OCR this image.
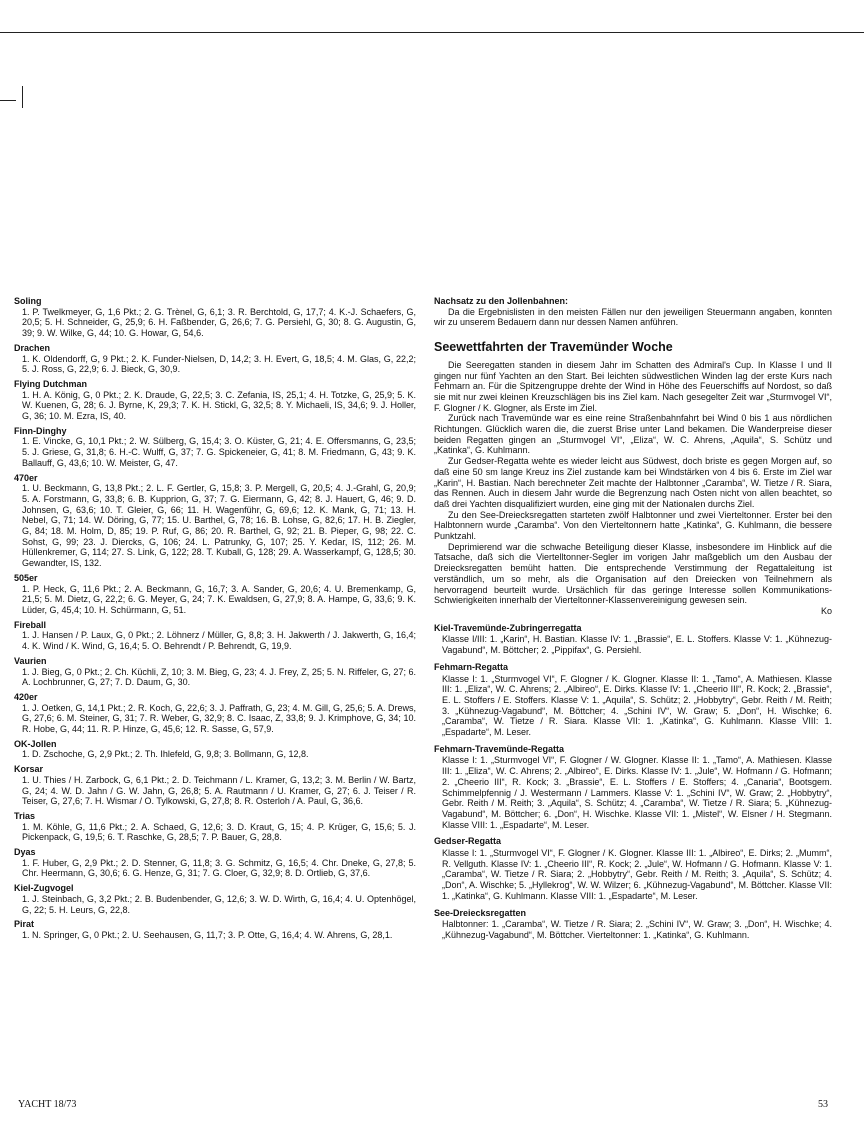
Soling

1. P. Twelkmeyer, G, 1,6 Pkt.; 2. G. Trènel, G, 6,1; 3. R. Berchtold, G, 17,7; 4. K.-J. Schaefers, G, 20,5; 5. H. Schneider, G, 25,9; 6. H. Faßbender, G, 26,6; 7. G. Persiehl, G, 30; 8. G. Augustin, G, 39; 9. W. Wilke, G, 44; 10. G. Howar, G, 54,6.

Drachen

1. K. Oldendorff, G, 9 Pkt.; 2. K. Funder-Nielsen, D, 14,2; 3. H. Evert, G, 18,5; 4. M. Glas, G, 22,2; 5. J. Ross, G, 22,9; 6. J. Bieck, G, 30,9.

Flying Dutchman

1. H. A. König, G, 0 Pkt.; 2. K. Draude, G, 22,5; 3. C. Zefania, IS, 25,1; 4. H. Totzke, G, 25,9; 5. K. W. Kuenen, G, 28; 6. J. Byrne, K, 29,3; 7. K. H. Stickl, G, 32,5; 8. Y. Michaeli, IS, 34,6; 9. J. Holler, G, 36; 10. M. Ezra, IS, 40.

Finn-Dinghy

1. E. Vincke, G, 10,1 Pkt.; 2. W. Sülberg, G, 15,4; 3. O. Küster, G, 21; 4. E. Offersmanns, G, 23,5; 5. J. Griese, G, 31,8; 6. H.-C. Wulff, G, 37; 7. G. Spickeneier, G, 41; 8. M. Friedmann, G, 43; 9. K. Ballauff, G, 43,6; 10. W. Meister, G, 47.

470er

1. U. Beckmann, G, 13,8 Pkt.; 2. L. F. Gertler, G, 15,8; 3. P. Mergell, G, 20,5; 4. J.-Grahl, G, 20,9; 5. A. Forstmann, G, 33,8; 6. B. Kupprion, G, 37; 7. G. Eiermann, G, 42; 8. J. Hauert, G, 46; 9. D. Johnsen, G, 63,6; 10. T. Gleier, G, 66; 11. H. Wagenführ, G, 69,6; 12. K. Mank, G, 71; 13. H. Nebel, G, 71; 14. W. Döring, G, 77; 15. U. Barthel, G, 78; 16. B. Lohse, G, 82,6; 17. H. B. Ziegler, G, 84; 18. M. Holm, D, 85; 19. P. Ruf, G, 86; 20. R. Barthel, G, 92; 21. B. Pieper, G, 98; 22. C. Sohst, G, 99; 23. J. Diercks, G, 106; 24. L. Patrunky, G, 107; 25. Y. Kedar, IS, 112; 26. M. Hüllenkremer, G, 114; 27. S. Link, G, 122; 28. T. Kuball, G, 128; 29. A. Wasserkampf, G, 128,5; 30. Gewandter, IS, 132.

505er

1. P. Heck, G, 11,6 Pkt.; 2. A. Beckmann, G, 16,7; 3. A. Sander, G, 20,6; 4. U. Bremenkamp, G, 21,5; 5. M. Dietz, G, 22,2; 6. G. Meyer, G, 24; 7. K. Ewaldsen, G, 27,9; 8. A. Hampe, G, 33,6; 9. K. Lüder, G, 45,4; 10. H. Schürmann, G, 51.

Fireball

1. J. Hansen / P. Laux, G, 0 Pkt.; 2. Löhnerz / Müller, G, 8,8; 3. H. Jakwerth / J. Jakwerth, G, 16,4; 4. K. Wind / K. Wind, G, 16,4; 5. O. Behrendt / P. Behrendt, G, 19,9.

Vaurien

1. J. Bieg, G, 0 Pkt.; 2. Ch. Küchli, Z, 10; 3. M. Bieg, G, 23; 4. J. Frey, Z, 25; 5. N. Riffeler, G, 27; 6. A. Lochbrunner, G, 27; 7. D. Daum, G, 30.

420er

1. J. Oetken, G, 14,1 Pkt.; 2. R. Koch, G, 22,6; 3. J. Paffrath, G, 23; 4. M. Gill, G, 25,6; 5. A. Drews, G, 27,6; 6. M. Steiner, G, 31; 7. R. Weber, G, 32,9; 8. C. Isaac, Z, 33,8; 9. J. Krimphove, G, 34; 10. R. Hobe, G, 44; 11. R. P. Hinze, G, 45,6; 12. R. Sasse, G, 57,9.

OK-Jollen

1. D. Zschoche, G, 2,9 Pkt.; 2. Th. Ihlefeld, G, 9,8; 3. Bollmann, G, 12,8.

Korsar

1. U. Thies / H. Zarbock, G, 6,1 Pkt.; 2. D. Teichmann / L. Kramer, G, 13,2; 3. M. Berlin / W. Bartz, G, 24; 4. W. D. Jahn / G. W. Jahn, G, 26,8; 5. A. Rautmann / U. Kramer, G, 27; 6. J. Teiser / R. Teiser, G, 27,6; 7. H. Wismar / O. Tylkowski, G, 27,8; 8. R. Osterloh / A. Paul, G, 36,6.

Trias

1. M. Köhle, G, 11,6 Pkt.; 2. A. Schaed, G, 12,6; 3. D. Kraut, G, 15; 4. P. Krüger, G, 15,6; 5. J. Pickenpack, G, 19,5; 6. T. Raschke, G, 28,5; 7. P. Bauer, G, 28,8.

Dyas

1. F. Huber, G, 2,9 Pkt.; 2. D. Stenner, G, 11,8; 3. G. Schmitz, G, 16,5; 4. Chr. Dneke, G, 27,8; 5. Chr. Heermann, G, 30,6; 6. G. Henze, G, 31; 7. G. Cloer, G, 32,9; 8. D. Ortlieb, G, 37,6.

Kiel-Zugvogel

1. J. Steinbach, G, 3,2 Pkt.; 2. B. Budenbender, G, 12,6; 3. W. D. Wirth, G, 16,4; 4. U. Optenhögel, G, 22; 5. H. Leurs, G, 22,8.

Pirat

1. N. Springer, G, 0 Pkt.; 2. U. Seehausen, G, 11,7; 3. P. Otte, G, 16,4; 4. W. Ahrens, G, 28,1.

Nachsatz zu den Jollenbahnen:

Da die Ergebnislisten in den meisten Fällen nur den jeweiligen Steuermann angaben, konnten wir zu unserem Bedauern dann nur dessen Namen anführen.

Seewettfahrten der Travemünder Woche

Die Seeregatten standen in diesem Jahr im Schatten des Admiral's Cup. In Klasse I und II gingen nur fünf Yachten an den Start. Bei leichten südwestlichen Winden lag der erste Kurs nach Fehmarn an. Für die Spitzengruppe drehte der Wind in Höhe des Feuerschiffs auf Nordost, so daß sie mit nur zwei kleinen Kreuzschlägen bis ins Ziel kam. Nach gesegelter Zeit war „Sturmvogel VI“, F. Glogner / K. Glogner, als Erste im Ziel.

Zurück nach Travemünde war es eine reine Straßenbahnfahrt bei Wind 0 bis 1 aus nördlichen Richtungen. Glücklich waren die, die zuerst Brise unter Land bekamen. Die Wanderpreise dieser beiden Regatten gingen an „Sturmvogel VI“, „Eliza“, W. C. Ahrens, „Aquila“, S. Schütz und „Katinka“, G. Kuhlmann.

Zur Gedser-Regatta wehte es wieder leicht aus Südwest, doch briste es gegen Morgen auf, so daß eine 50 sm lange Kreuz ins Ziel zustande kam bei Windstärken von 4 bis 6. Erste im Ziel war „Karin“, H. Bastian. Nach berechneter Zeit machte der Halbtonner „Caramba“, W. Tietze / R. Siara, das Rennen. Auch in diesem Jahr wurde die Begrenzung nach Osten nicht von allen beachtet, so daß drei Yachten disqualifiziert wurden, eine ging mit der Nationalen durchs Ziel.

Zu den See-Dreiecksregatten starteten zwölf Halbtonner und zwei Vierteltonner. Erster bei den Halbtonnern wurde „Caramba“. Von den Vierteltonnern hatte „Katinka“, G. Kuhlmann, die bessere Punktzahl.

Deprimierend war die schwache Beteiligung dieser Klasse, insbesondere im Hinblick auf die Tatsache, daß sich die Viertelltonner-Segler im vorigen Jahr maßgeblich um den Ausbau der Dreiecksregatten bemüht hatten. Die entsprechende Verstimmung der Regattaleitung ist verständlich, um so mehr, als die Organisation auf den Dreiecken von Teilnehmern als hervorragend beurteilt wurde. Ursächlich für das geringe Interesse sollen Kommunikations-Schwierigkeiten innerhalb der Vierteltonner-Klassenvereinigung gewesen sein.

Ko

Kiel-Travemünde-Zubringerregatta

Klasse I/III: 1. „Karin“, H. Bastian. Klasse IV: 1. „Brassie“, E. L. Stoffers. Klasse V: 1. „Kühnezug-Vagabund“, M. Böttcher; 2. „Pippifax“, G. Persiehl.

Fehmarn-Regatta

Klasse I: 1. „Sturmvogel VI“, F. Glogner / K. Glogner. Klasse II: 1. „Tamo“, A. Mathiesen. Klasse III: 1. „Eliza“, W. C. Ahrens; 2. „Albireo“, E. Dirks. Klasse IV: 1. „Cheerio III“, R. Kock; 2. „Brassie“, E. L. Stoffers / E. Stoffers. Klasse V: 1. „Aquila“, S. Schütz; 2. „Hobbytry“, Gebr. Reith / M. Reith; 3. „Kühnezug-Vagabund“, M. Böttcher; 4. „Schini IV“, W. Graw; 5. „Don“, H. Wischke; 6. „Caramba“, W. Tietze / R. Siara. Klasse VII: 1. „Katinka“, G. Kuhlmann. Klasse VIII: 1. „Espadarte“, M. Leser.

Fehmarn-Travemünde-Regatta

Klasse I: 1. „Sturmvogel VI“, F. Glogner / W. Glogner. Klasse II: 1. „Tamo“, A. Mathiesen. Klasse III: 1. „Eliza“, W. C. Ahrens; 2. „Albireo“, E. Dirks. Klasse IV: 1. „Jule“, W. Hofmann / G. Hofmann; 2. „Cheerio III“, R. Kock; 3. „Brassie“, E. L. Stoffers / E. Stoffers; 4. „Canaria“, Bootsgem. Schimmelpfennig / J. Westermann / Lammers. Klasse V: 1. „Schini IV“, W. Graw; 2. „Hobbytry“, Gebr. Reith / M. Reith; 3. „Aquila“, S. Schütz; 4. „Caramba“, W. Tietze / R. Siara; 5. „Kühnezug-Vagabund“, M. Böttcher; 6. „Don“, H. Wischke. Klasse VII: 1. „Mistel“, W. Elsner / H. Stegmann. Klasse VIII: 1. „Espadarte“, M. Leser.

Gedser-Regatta

Klasse I: 1. „Sturmvogel VI“, F. Glogner / K. Glogner. Klasse III: 1. „Albireo“, E. Dirks; 2. „Mumm“, R. Vellguth. Klasse IV: 1. „Cheerio III“, R. Kock; 2. „Jule“, W. Hofmann / G. Hofmann. Klasse V: 1. „Caramba“, W. Tietze / R. Siara; 2. „Hobbytry“, Gebr. Reith / M. Reith; 3. „Aquila“, S. Schütz; 4. „Don“, A. Wischke; 5. „Hyllekrog“, W. W. Wilzer; 6. „Kühnezug-Vagabund“, M. Böttcher. Klasse VII: 1. „Katinka“, G. Kuhlmann. Klasse VIII: 1. „Espadarte“, M. Leser.

See-Dreiecksregatten

Halbtonner: 1. „Caramba“, W. Tietze / R. Siara; 2. „Schini IV“, W. Graw; 3. „Don“, H. Wischke; 4. „Kühnezug-Vagabund“, M. Böttcher. Vierteltonner: 1. „Katinka“, G. Kuhlmann.

YACHT 18/73	53
